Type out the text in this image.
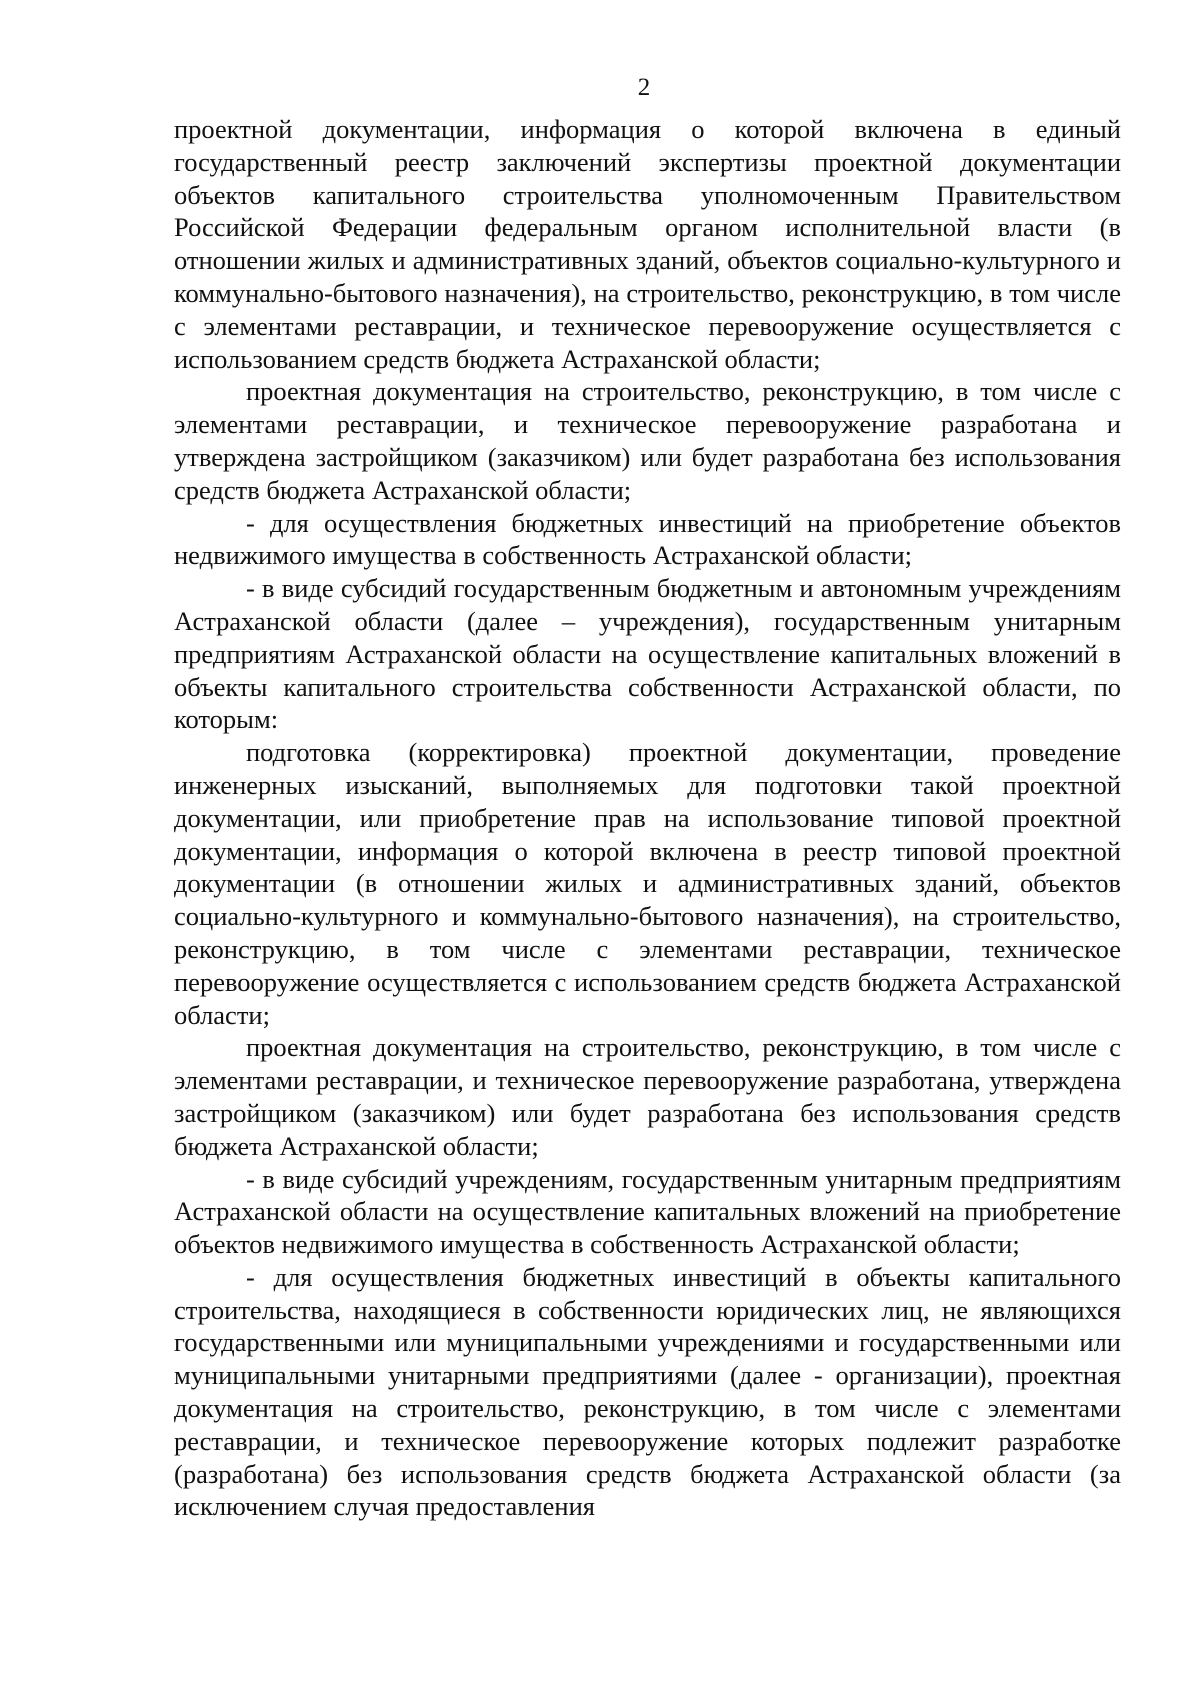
2

проектной документации, информация о которой включена в единый государственный реестр заключений экспертизы проектной документации объектов капитального строительства уполномоченным Правительством Российской Федерации федеральным органом исполнительной власти (в отношении жилых и административных зданий, объектов социально-культурного и коммунально-бытового назначения), на строительство, реконструкцию, в том числе с элементами реставрации, и техническое перевооружение осуществляется с использованием средств бюджета Астраханской области;

проектная документация на строительство, реконструкцию, в том числе с элементами реставрации, и техническое перевооружение разработана и утверждена застройщиком (заказчиком) или будет разработана без использования средств бюджета Астраханской области;

- для осуществления бюджетных инвестиций на приобретение объектов недвижимого имущества в собственность Астраханской области;

- в виде субсидий государственным бюджетным и автономным учреждениям Астраханской области (далее – учреждения), государственным унитарным предприятиям Астраханской области на осуществление капитальных вложений в объекты капитального строительства собственности Астраханской области, по которым:

подготовка (корректировка) проектной документации, проведение инженерных изысканий, выполняемых для подготовки такой проектной документации, или приобретение прав на использование типовой проектной документации, информация о которой включена в реестр типовой проектной документации (в отношении жилых и административных зданий, объектов социально-культурного и коммунально-бытового назначения), на строительство, реконструкцию, в том числе с элементами реставрации, техническое перевооружение осуществляется с использованием средств бюджета Астраханской области;

проектная документация на строительство, реконструкцию, в том числе с элементами реставрации, и техническое перевооружение разработана, утверждена застройщиком (заказчиком) или будет разработана без использования средств бюджета Астраханской области;

- в виде субсидий учреждениям, государственным унитарным предприятиям Астраханской области на осуществление капитальных вложений на приобретение объектов недвижимого имущества в собственность Астраханской области;

- для осуществления бюджетных инвестиций в объекты капитального строительства, находящиеся в собственности юридических лиц, не являющихся государственными или муниципальными учреждениями и государственными или муниципальными унитарными предприятиями (далее - организации), проектная документация на строительство, реконструкцию, в том числе с элементами реставрации, и техническое перевооружение которых подлежит разработке (разработана) без использования средств бюджета Астраханской области (за исключением случая предоставления
